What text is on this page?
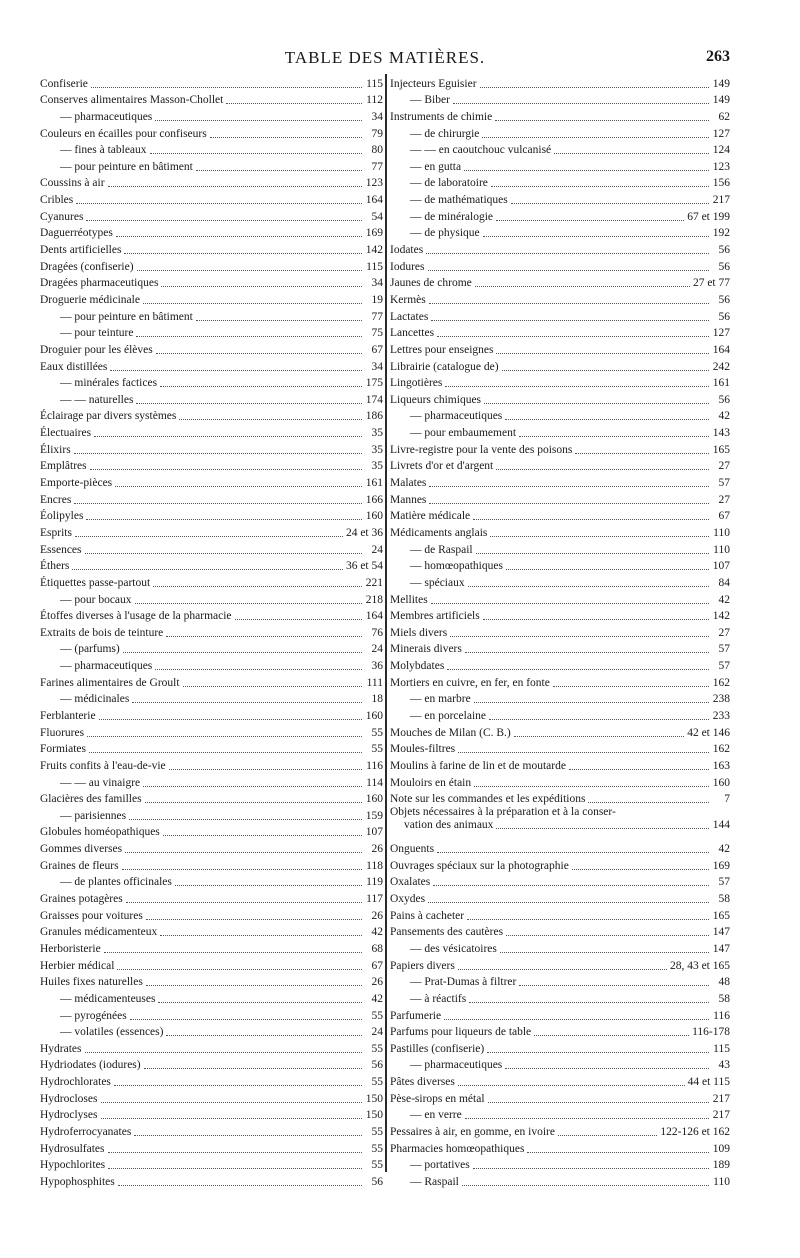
TABLE DES MATIÈRES.	263
Confiserie	115
Conserves alimentaires Masson-Chollet	112
— pharmaceutiques	34
Couleurs en écailles pour confiseurs	79
— fines à tableaux	80
— pour peinture en bâtiment	77
Coussins à air	123
Cribles	164
Cyanures	54
Daguerréotypes	169
Dents artificielles	142
Dragées (confiserie)	115
Dragées pharmaceutiques	34
Droguerie médicinale	19
— pour peinture en bâtiment	77
— pour teinture	75
Droguier pour les élèves	67
Eaux distillées	34
— minérales factices	175
— — naturelles	174
Éclairage par divers systèmes	186
Électuaires	35
Élixirs	35
Emplâtres	35
Emporte-pièces	161
Encres	166
Éolipyles	160
Esprits	24 et 36
Essences	24
Éthers	36 et 54
Étiquettes passe-partout	221
— pour bocaux	218
Étoffes diverses à l'usage de la pharmacie	164
Extraits de bois de teinture	76
— (parfums)	24
— pharmaceutiques	36
Farines alimentaires de Groult	111
— médicinales	18
Ferblanterie	160
Fluorures	55
Formiates	55
Fruits confits à l'eau-de-vie	116
— — au vinaigre	114
Glacières des familles	160
— parisiennes	159
Globules homéopathiques	107
Gommes diverses	26
Graines de fleurs	118
— de plantes officinales	119
Graines potagères	117
Graisses pour voitures	26
Granules médicamenteux	42
Herboristerie	68
Herbier médical	67
Huiles fixes naturelles	26
— médicamenteuses	42
— pyrogénées	55
— volatiles (essences)	24
Hydrates	55
Hydriodates (iodures)	56
Hydrochlorates	55
Hydrocloses	150
Hydroclyses	150
Hydroferrocyanates	55
Hydrosulfates	55
Hypochlorites	55
Hypophosphites	56
Injecteurs Eguisier	149
— Biber	149
Instruments de chimie	62
— de chirurgie	127
— — en caoutchouc vulcanisé	124
— en gutta	123
— de laboratoire	156
— de mathématiques	217
— de minéralogie	67 et 199
— de physique	192
Iodates	56
Iodures	56
Jaunes de chrome	27 et 77
Kermès	56
Lactates	56
Lancettes	127
Lettres pour enseignes	164
Librairie (catalogue de)	242
Lingotières	161
Liqueurs chimiques	56
— pharmaceutiques	42
— pour embaumement	143
Livre-registre pour la vente des poisons	165
Livrets d'or et d'argent	27
Malates	57
Mannes	27
Matière médicale	67
Médicaments anglais	110
— de Raspail	110
— homœopathiques	107
— spéciaux	84
Mellites	42
Membres artificiels	142
Miels divers	27
Minerais divers	57
Molybdates	57
Mortiers en cuivre, en fer, en fonte	162
— en marbre	238
— en porcelaine	233
Mouches de Milan (C. B.)	42 et 146
Moules-filtres	162
Moulins à farine de lin et de moutarde	163
Mouloirs en étain	160
Note sur les commandes et les expéditions	7
Objets nécessaires à la préparation et à la conser-
vation des animaux	144
Onguents	42
Ouvrages spéciaux sur la photographie	169
Oxalates	57
Oxydes	58
Pains à cacheter	165
Pansements des cautères	147
— des vésicatoires	147
Papiers divers	28, 43 et 165
— Prat-Dumas à filtrer	48
— à réactifs	58
Parfumerie	116
Parfums pour liqueurs de table	116-178
Pastilles (confiserie)	115
— pharmaceutiques	43
Pâtes diverses	44 et 115
Pèse-sirops en métal	217
— en verre	217
Pessaires à air, en gomme, en ivoire	122-126 et 162
Pharmacies homœopathiques	109
— portatives	189
— Raspail	110
